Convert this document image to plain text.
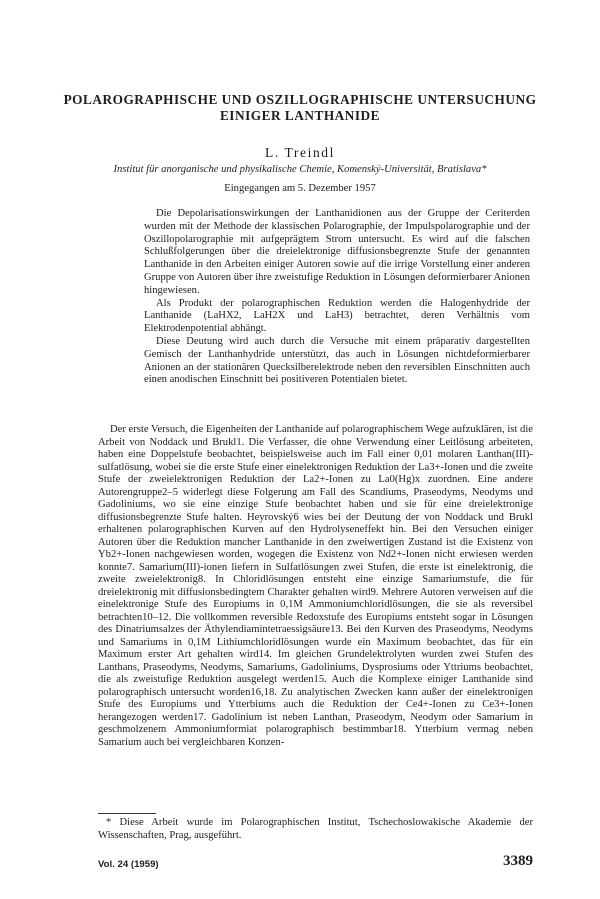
POLAROGRAPHISCHE UND OSZILLOGRAPHISCHE UNTERSUCHUNG
EINIGER LANTHANIDE
L. Treindl
Institut für anorganische und physikalische Chemie, Komenský-Universität, Bratislava*
Eingegangen am 5. Dezember 1957

Die Depolarisationswirkungen der Lanthanidionen aus der Gruppe der Ceriterden wurden mit der Methode der klassischen Polarographie, der Impulspolarographie und der Oszillopolarographie mit aufgeprägtem Strom untersucht. Es wird auf die falschen Schlußfolgerungen über die dreielektronige diffusionsbegrenzte Stufe der genannten Lanthanide in den Arbeiten einiger Autoren sowie auf die irrige Vorstellung einer anderen Gruppe von Autoren über ihre zweistufige Reduktion in Lösungen deformierbarer Anionen hingewiesen.

Als Produkt der polarographischen Reduktion werden die Halogenhydride der Lanthanide (LaHX2, LaH2X und LaH3) betrachtet, deren Verhältnis vom Elektrodenpotential abhängt.

Diese Deutung wird auch durch die Versuche mit einem präparativ dargestellten Gemisch der Lanthanhydride unterstützt, das auch in Lösungen nichtdeformierbarer Anionen an der stationären Quecksilberelektrode neben den reversiblen Einschnitten auch einen anodischen Einschnitt bei positiveren Potentialen bietet.

Der erste Versuch, die Eigenheiten der Lanthanide auf polarographischem Wege aufzuklären, ist die Arbeit von Noddack und Brukl1. Die Verfasser, die ohne Verwendung einer Leitlösung arbeiteten, haben eine Doppelstufe beobachtet, beispielsweise auch im Fall einer 0,01 molaren Lanthan(III)-sulfatlösung, wobei sie die erste Stufe einer einelektronigen Reduktion der La3+-Ionen und die zweite Stufe der zweielektronigen Reduktion der La2+-Ionen zu La0(Hg)x zuordnen. Eine andere Autorengruppe2–5 widerlegt diese Folgerung am Fall des Scandiums, Praseodyms, Neodyms und Gadoliniums, wo sie eine einzige Stufe beobachtet haben und sie für eine dreielektronige diffusionsbegrenzte Stufe halten. Heyrovský6 wies bei der Deutung der von Noddack und Brukl erhaltenen polarographischen Kurven auf den Hydrolyseneffekt hin. Bei den Versuchen einiger Autoren über die Reduktion mancher Lanthanide in den zweiwertigen Zustand ist die Existenz von Yb2+-Ionen nachgewiesen worden, wogegen die Existenz von Nd2+-Ionen nicht erwiesen werden konnte7. Samarium(III)-ionen liefern in Sulfatlösungen zwei Stufen, die erste ist einelektronig, die zweite zweielektronig8. In Chloridlösungen entsteht eine einzige Samariumstufe, die für dreielektronig mit diffusionsbedingtem Charakter gehalten wird9. Mehrere Autoren verweisen auf die einelektronige Stufe des Europiums in 0,1M Ammoniumchloridlösungen, die sie als reversibel betrachten10–12. Die vollkommen reversible Redoxstufe des Europiums entsteht sogar in Lösungen des Dinatriumsalzes der Äthylendiamintetraessigsäure13. Bei den Kurven des Praseodyms, Neodyms und Samariums in 0,1M Lithiumchloridlösungen wurde ein Maximum beobachtet, das für ein Maximum erster Art gehalten wird14. Im gleichen Grundelektrolyten wurden zwei Stufen des Lanthans, Praseodyms, Neodyms, Samariums, Gadoliniums, Dysprosiums oder Yttriums beobachtet, die als zweistufige Reduktion ausgelegt werden15. Auch die Komplexe einiger Lanthanide sind polarographisch untersucht worden16,18. Zu analytischen Zwecken kann außer der einelektronigen Stufe des Europiums und Ytterbiums auch die Reduktion der Ce4+-Ionen zu Ce3+-Ionen herangezogen werden17. Gadolinium ist neben Lanthan, Praseodym, Neodym oder Samarium in geschmolzenem Ammoniumformiat polarographisch bestimmbar18. Ytterbium vermag neben Samarium auch bei vergleichbaren Konzen-

* Diese Arbeit wurde im Polarographischen Institut, Tschechoslowakische Akademie der Wissenschaften, Prag, ausgeführt.

Vol. 24 (1959)	3389
